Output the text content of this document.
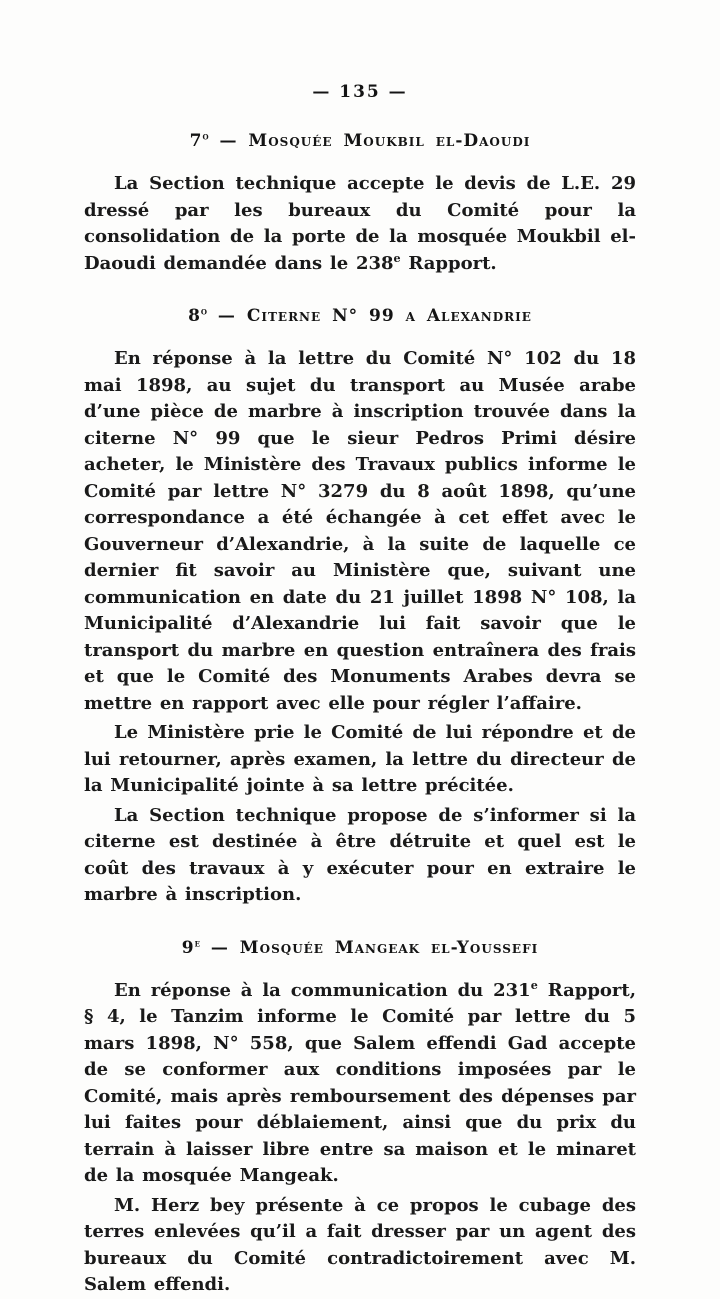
— 135 —
7$^o$ — Mosquée Moukbil el-Daoudi

La Section technique accepte le devis de L.E. 29 dressé par les bureaux du Comité pour la consolidation de la porte de la mosquée Moukbil el-Daoudi demandée dans le 238e Rapport.

8$^o$ — Citerne N° 99 a Alexandrie

En réponse à la lettre du Comité N° 102 du 18 mai 1898, au sujet du transport au Musée arabe d’une pièce de marbre à inscription trouvée dans la citerne N° 99 que le sieur Pedros Primi désire acheter, le Ministère des Travaux publics informe le Comité par lettre N° 3279 du 8 août 1898, qu’une correspondance a été échangée à cet effet avec le Gouverneur d’Alexandrie, à la suite de laquelle ce dernier fit savoir au Ministère que, suivant une communication en date du 21 juillet 1898 N° 108, la Municipalité d’Alexandrie lui fait savoir que le transport du marbre en question entraînera des frais et que le Comité des Monuments Arabes devra se mettre en rapport avec elle pour régler l’affaire.

Le Ministère prie le Comité de lui répondre et de lui retourner, après examen, la lettre du directeur de la Municipalité jointe à sa lettre précitée.

La Section technique propose de s’informer si la citerne est destinée à être détruite et quel est le coût des travaux à y exécuter pour en extraire le marbre à inscription.

9e — Mosquée Mangeak el-Youssefi

En réponse à la communication du 231e Rapport, § 4, le Tanzim informe le Comité par lettre du 5 mars 1898, N° 558, que Salem effendi Gad accepte de se conformer aux conditions imposées par le Comité, mais après remboursement des dépenses par lui faites pour déblaiement, ainsi que du prix du terrain à laisser libre entre sa maison et le minaret de la mosquée Mangeak.

M. Herz bey présente à ce propos le cubage des terres enlevées qu’il a fait dresser par un agent des bureaux du Comité contradictoirement avec M. Salem effendi.
